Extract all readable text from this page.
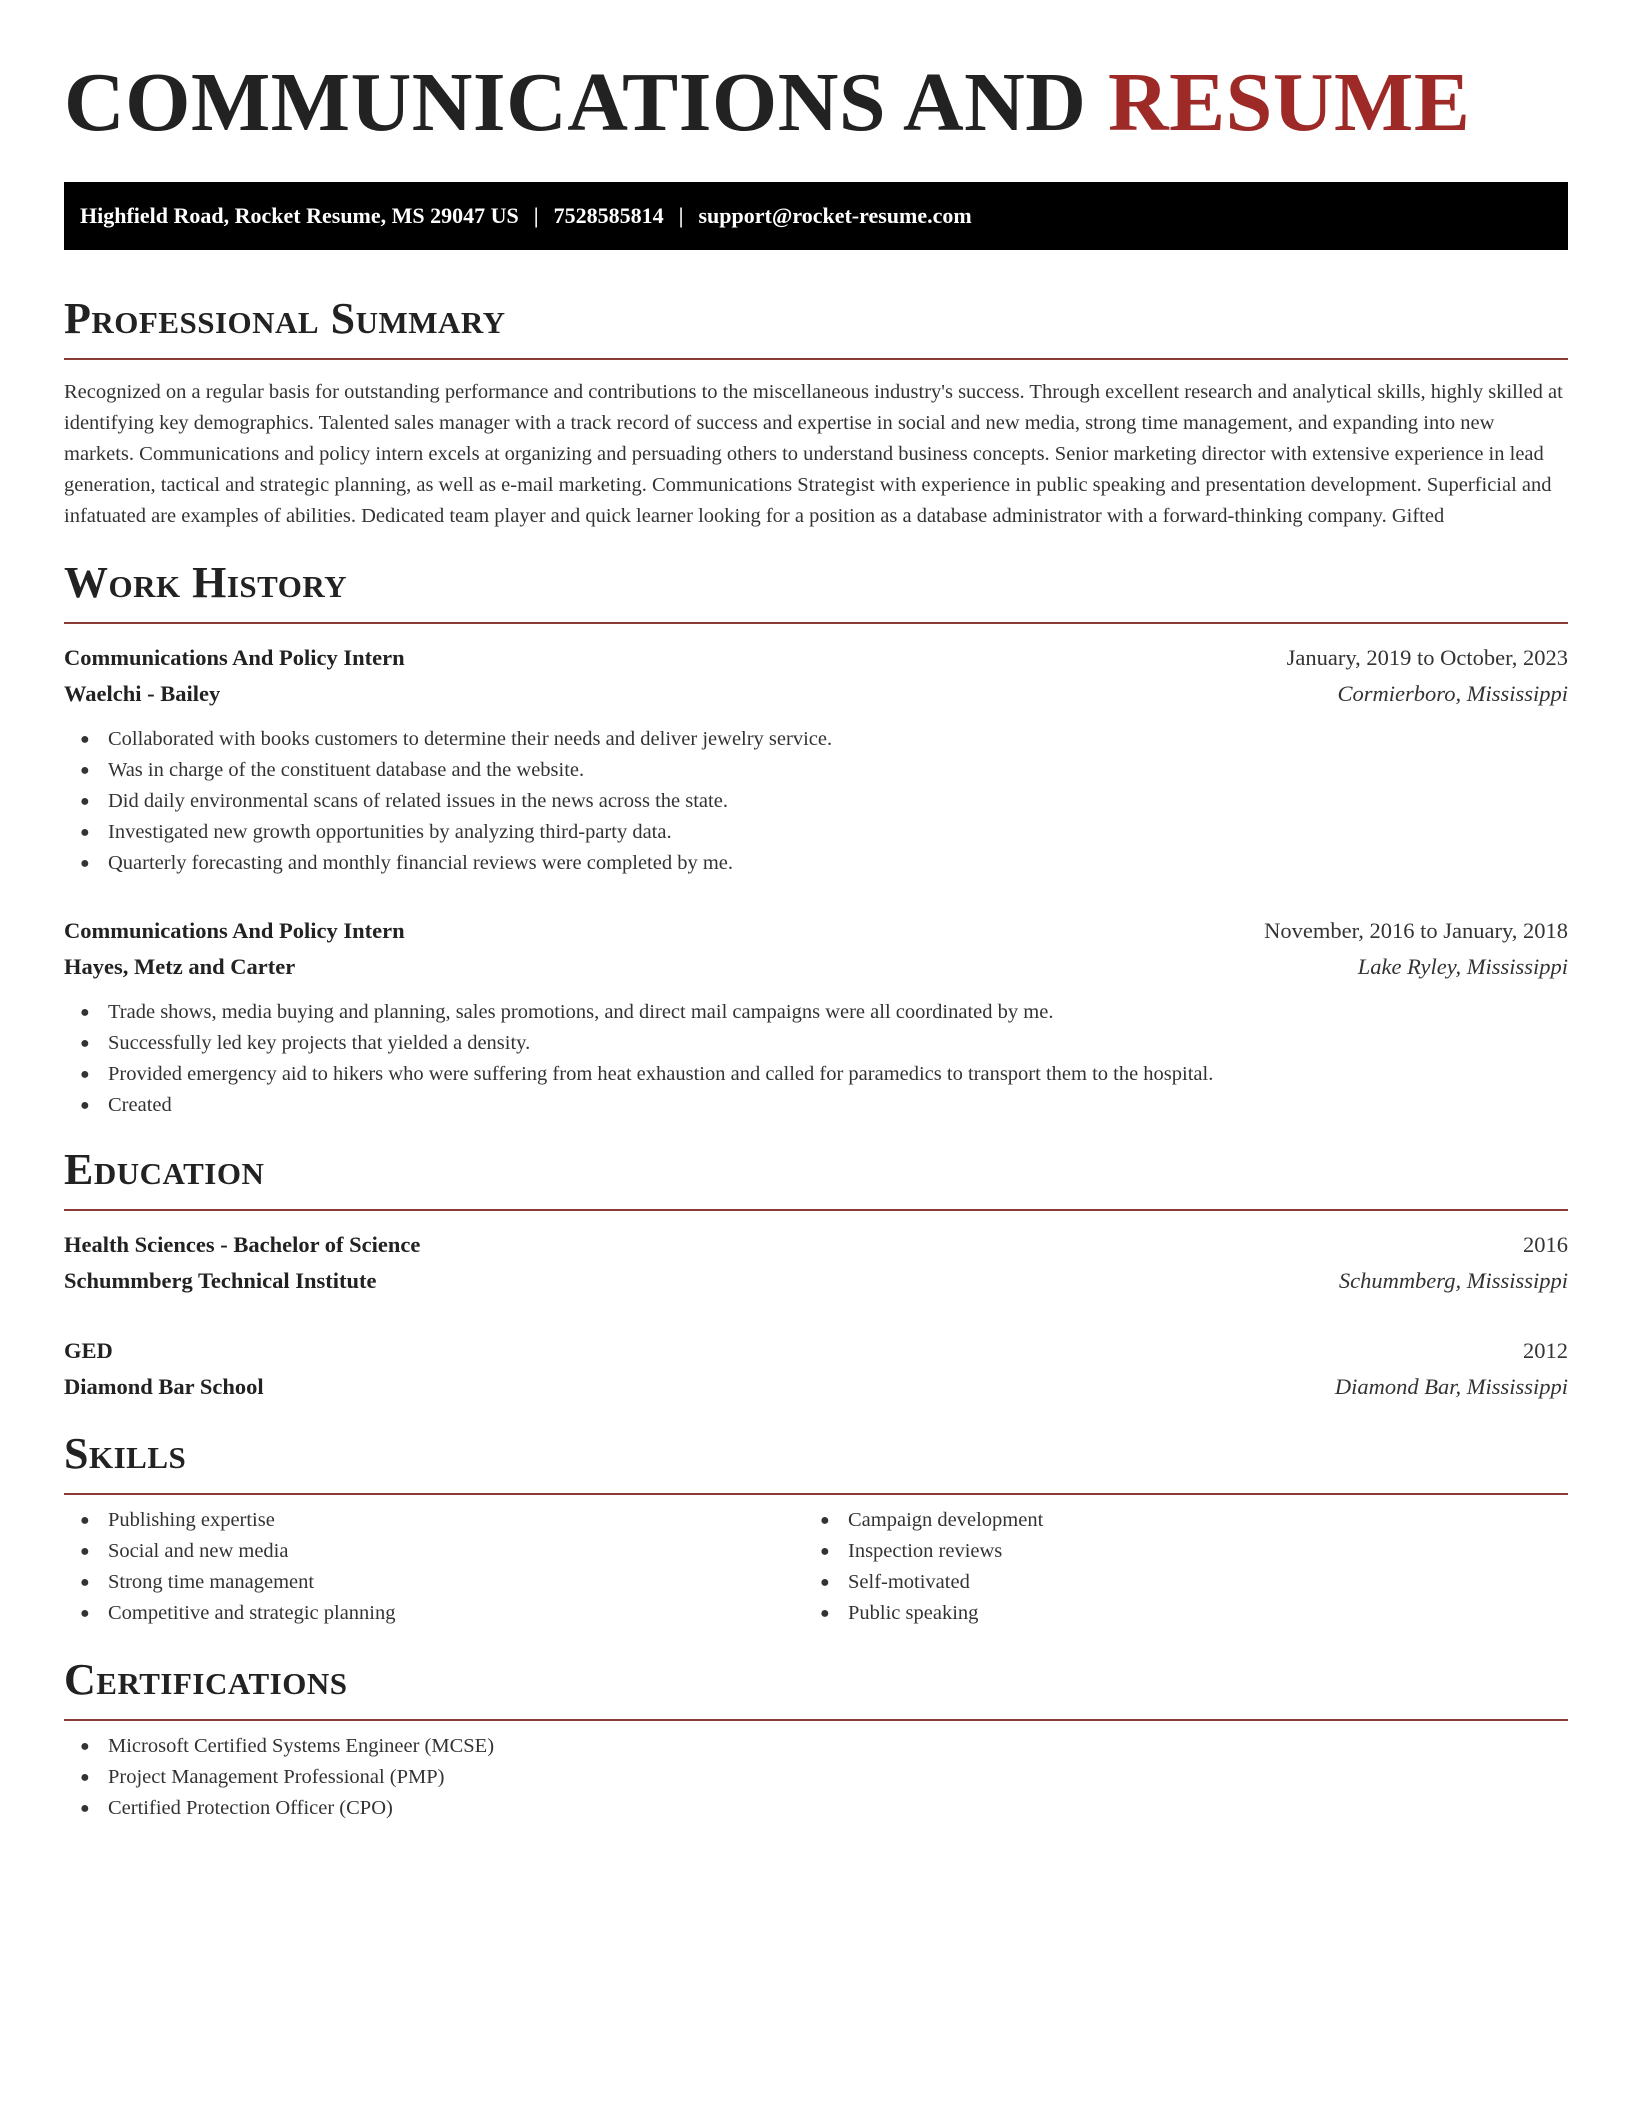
COMMUNICATIONS AND RESUME
Highfield Road, Rocket Resume, MS 29047 US | 7528585814 | support@rocket-resume.com
Professional Summary

Recognized on a regular basis for outstanding performance and contributions to the miscellaneous industry's success. Through excellent research and analytical skills, highly skilled at identifying key demographics. Talented sales manager with a track record of success and expertise in social and new media, strong time management, and expanding into new markets. Communications and policy intern excels at organizing and persuading others to understand business concepts. Senior marketing director with extensive experience in lead generation, tactical and strategic planning, as well as e-mail marketing. Communications Strategist with experience in public speaking and presentation development. Superficial and infatuated are examples of abilities. Dedicated team player and quick learner looking for a position as a database administrator with a forward-thinking company. Gifted

Work History
Communications And Policy Intern	January, 2019 to October, 2023
Waelchi - Bailey	Cormierboro, Mississippi
● Collaborated with books customers to determine their needs and deliver jewelry service.
● Was in charge of the constituent database and the website.
● Did daily environmental scans of related issues in the news across the state.
● Investigated new growth opportunities by analyzing third-party data.
● Quarterly forecasting and monthly financial reviews were completed by me.
Communications And Policy Intern	November, 2016 to January, 2018
Hayes, Metz and Carter	Lake Ryley, Mississippi
● Trade shows, media buying and planning, sales promotions, and direct mail campaigns were all coordinated by me.
● Successfully led key projects that yielded a density.
● Provided emergency aid to hikers who were suffering from heat exhaustion and called for paramedics to transport them to the hospital.
● Created
Education
Health Sciences - Bachelor of Science	2016
Schummberg Technical Institute	Schummberg, Mississippi
GED	2012
Diamond Bar School	Diamond Bar, Mississippi
Skills
● Publishing expertise
● Social and new media
● Strong time management
● Competitive and strategic planning
● Campaign development
● Inspection reviews
● Self-motivated
● Public speaking
Certifications
● Microsoft Certified Systems Engineer (MCSE)
● Project Management Professional (PMP)
● Certified Protection Officer (CPO)
